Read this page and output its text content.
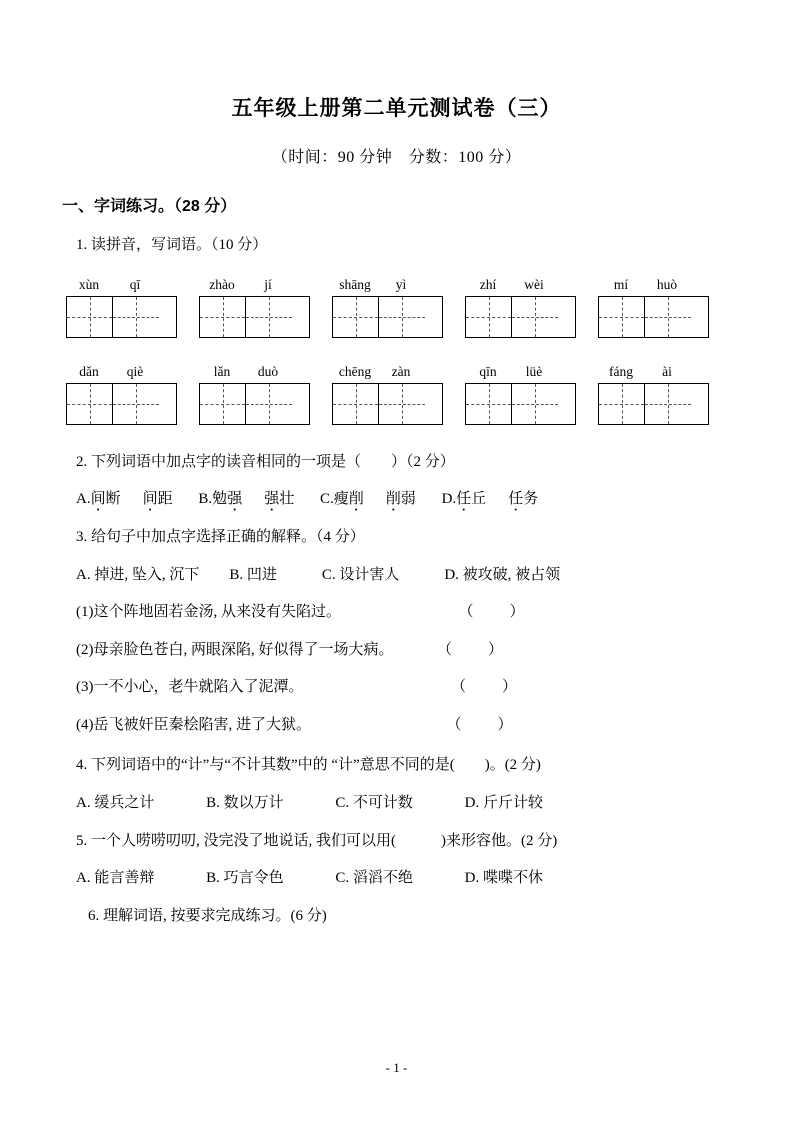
五年级上册第二单元测试卷（三）
（时间：90 分钟　分数：100 分）
一、字词练习。（28 分）
1. 读拼音，写词语。（10 分）
xùn	qī	zhào	jí	shāng	yì	zhí	wèi	mí	huò
dǎn	qiè	lǎn	duò	chēng	zàn	qīn	lüè	fáng	ài
2. 下列词语中加点字的读音相同的一项是（　　）（2 分）
A.间断 间距 B.勉强 强壮 C.瘦削 削弱 D.任丘 任务
3. 给句子中加点字选择正确的解释。（4 分）
A. 掉进, 坠入, 沉下　　B. 凹进　　　C. 设计害人　　　D. 被攻破, 被占领
(1)这个阵地固若金汤, 从来没有失陷过。	（　　）
(2)母亲脸色苍白, 两眼深陷, 好似得了一场大病。	（　　）
(3)一不小心，老牛就陷入了泥潭。	（　　）
(4)岳飞被奸臣秦桧陷害, 进了大狱。	（　　）
4. 下列词语中的“计”与“不计其数”中的 “计”意思不同的是(　　)。(2 分)
A. 缓兵之计	B. 数以万计	C. 不可计数	D. 斤斤计较
5. 一个人唠唠叨叨, 没完没了地说话, 我们可以用(　　　)来形容他。(2 分)
A. 能言善辩	B. 巧言令色	C. 滔滔不绝	D. 喋喋不休
6. 理解词语, 按要求完成练习。(6 分)
- 1 -
